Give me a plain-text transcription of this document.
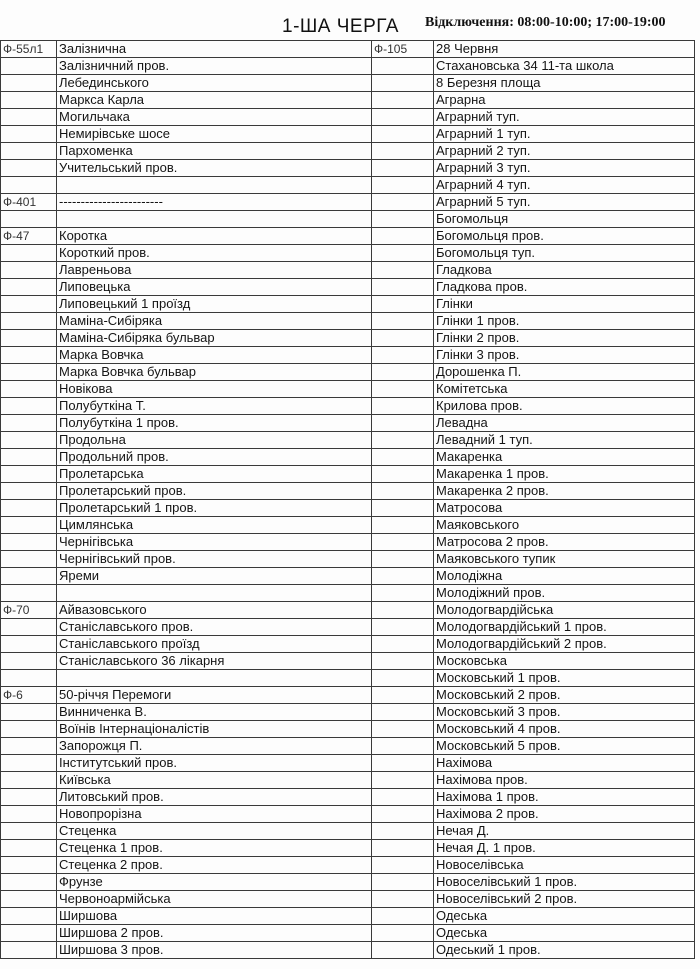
1-ША ЧЕРГА Відключення: 08:00-10:00; 17:00-19:00
Ф-55л1	Залізнична	Ф-105	28 Червня
	Залізничний пров.		Стахановська 34 11-та школа
	Лебединського		8 Березня площа
	Маркса Карла		Аграрна
	Могильчака		Аграрний туп.
	Немирівське шосе		Аграрний 1 туп.
	Пархоменка		Аграрний 2 туп.
	Учительський пров.		Аграрний 3 туп.
			Аграрний 4 туп.
Ф-401	------------------------		Аграрний 5 туп.
			Богомольця
Ф-47	Коротка		Богомольця пров.
	Короткий пров.		Богомольця туп.
	Лавреньова		Гладкова
	Липовецька		Гладкова пров.
	Липовецький 1 проїзд		Глінки
	Маміна-Сибіряка		Глінки 1 пров.
	Маміна-Сибіряка бульвар		Глінки 2 пров.
	Марка Вовчка		Глінки 3 пров.
	Марка Вовчка бульвар		Дорошенка П.
	Новікова		Комітетська
	Полубуткіна Т.		Крилова пров.
	Полубуткіна 1 пров.		Левадна
	Продольна		Левадний 1 туп.
	Продольний пров.		Макаренка
	Пролетарська		Макаренка 1 пров.
	Пролетарський пров.		Макаренка 2 пров.
	Пролетарський 1 пров.		Матросова
	Цимлянська		Маяковського
	Чернігівська		Матросова 2 пров.
	Чернігівський пров.		Маяковського тупик
	Яреми		Молодіжна
			Молодіжний пров.
Ф-70	Айвазовського		Молодогвардійська
	Станіславського пров.		Молодогвардійський 1 пров.
	Станіславського проїзд		Молодогвардійський 2 пров.
	Станіславського 36 лікарня		Московська
			Московський 1 пров.
Ф-6	50-річчя Перемоги		Московський 2 пров.
	Винниченка В.		Московський 3 пров.
	Воїнів Інтернаціоналістів		Московський 4 пров.
	Запорожця П.		Московський 5 пров.
	Інститутський пров.		Нахімова
	Київська		Нахімова пров.
	Литовський пров.		Нахімова 1 пров.
	Новопрорізна		Нахімова 2 пров.
	Стеценка		Нечая Д.
	Стеценка 1 пров.		Нечая Д. 1 пров.
	Стеценка 2 пров.		Новоселівська
	Фрунзе		Новоселівський 1 пров.
	Червоноармійська		Новоселівський 2 пров.
	Ширшова		Одеська
	Ширшова 2 пров.		Одеська
	Ширшова 3 пров.		Одеський 1 пров.
